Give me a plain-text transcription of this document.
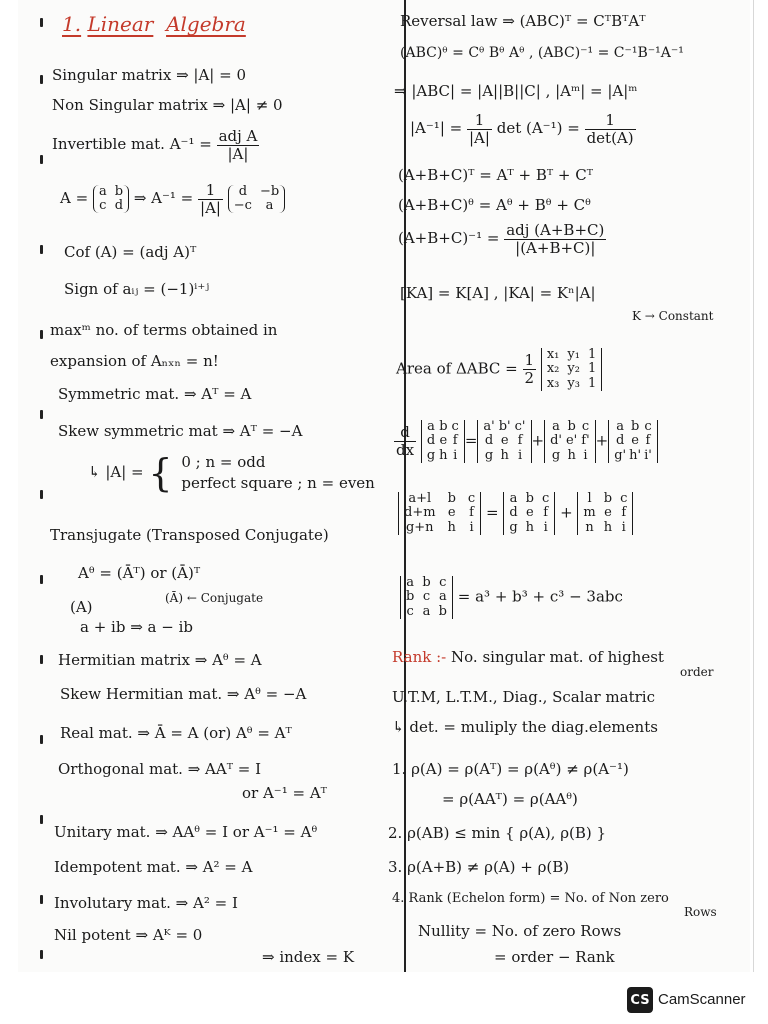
1. Linear Algebra
Singular matrix ⇒ |A| = 0
Non Singular matrix ⇒ |A| ≠ 0
Invertible mat. $A^{-1} = \frac{\text{adj A}}{|A|}$
A = a b
c d ⇒ $A^{-1} = \frac{1}{|A|}$
	d −b
−c	a
Cof (A) = (adj A)ᵀ
Sign of aᵢⱼ = (−1)ⁱ⁺ʲ
maxᵐ no. of terms obtained in
expansion of Aₙₓₙ = n!
Symmetric mat. ⇒ Aᵀ = A
Skew symmetric mat ⇒ Aᵀ = −A
↳ |A| = { 0 ; n = odd
perfect square ; n = even
Transjugate (Transposed Conjugate)
Aᶿ = (Āᵀ) or (Ā)ᵀ
(A)	(Ā) ← Conjugate
a + ib ⇒ a − ib
Hermitian matrix ⇒ Aᶿ = A
Skew Hermitian mat. ⇒ Aᶿ = −A
Real mat. ⇒ Ā = A (or) Aᶿ = Aᵀ
Orthogonal mat. ⇒ AAᵀ = I
or A⁻¹ = Aᵀ
Unitary mat. ⇒ AAᶿ = I or A⁻¹ = Aᶿ
Idempotent mat. ⇒ A² = A
Involutary mat. ⇒ A² = I
Nil potent ⇒ Aᴷ = 0
⇒ index = K
Reversal law ⇒ (ABC)ᵀ = CᵀBᵀAᵀ
(ABC)ᶿ = Cᶿ Bᶿ Aᶿ , (ABC)⁻¹ = C⁻¹B⁻¹A⁻¹
⇒ |ABC| = |A||B||C| , |Aᵐ| = |A|ᵐ
$|A^{-1}| = \frac{1}{|A|}$ $\det (A^{-1}) = \frac{1}{\det(A)}$
(A+B+C)ᵀ = Aᵀ + Bᵀ + Cᵀ
(A+B+C)ᶿ = Aᶿ + Bᶿ + Cᶿ
$(A+B+C)^{-1} = \frac{\text{adj (A+B+C)}}{|(A+B+C)|}$
[KA] = K[A] , |KA| = Kⁿ|A|
K → Constant
Area of $\Delta ABC = \frac{1}{2}$
x₁ y₁ 1
x₂ y₂ 1
x₃ y₃ 1
$\frac{d}{dx}$
a b c
d e f
g h i
=
a' b' c'
d e f
g h i
+
a b c
d' e' f'
g h i
+
a b c
d e f
g' h' i'
a+l	b c
d+m e f
g+n h i
=
a b c
d e f
g h i
+
l b c
m e f
n h i
a b c
b c a
c a b
= a³ + b³ + c³ − 3abc
Rank :- No. singular mat. of highest
order
U.T.M, L.T.M., Diag., Scalar matric
↳ det. = muliply the diag.elements
1. ρ(A) = ρ(Aᵀ) = ρ(Aᶿ) ≠ ρ(A⁻¹)
= ρ(AAᵀ) = ρ(AAᶿ)
2. ρ(AB) ≤ min { ρ(A), ρ(B) }
3. ρ(A+B) ≠ ρ(A) + ρ(B)
4. Rank (Echelon form) = No. of Non zero
Rows
Nullity = No. of zero Rows
= order − Rank
CS CamScanner
